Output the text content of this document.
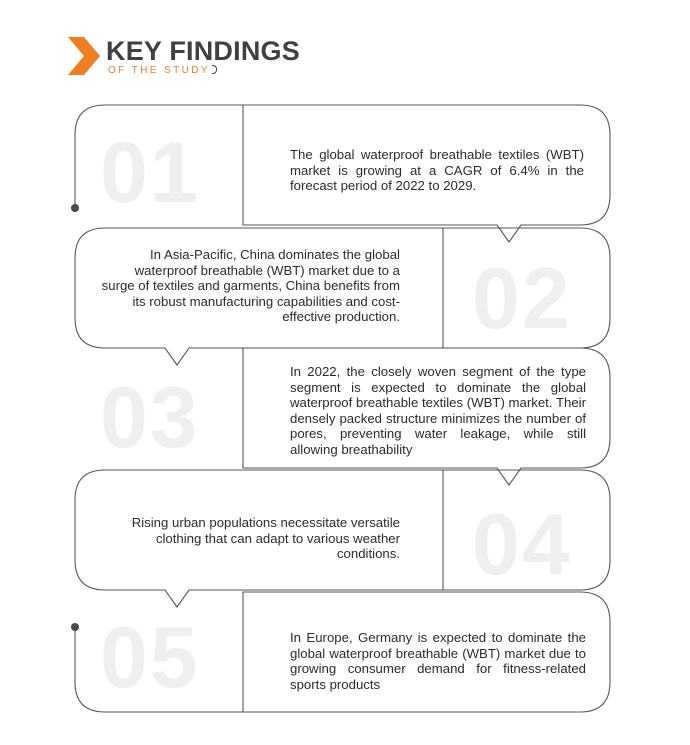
KEY FINDINGS
OF THE STUDY
01
02
03
04
05
The global waterproof breathable textiles (WBT) market is growing at a CAGR of 6.4% in the forecast period of 2022 to 2029.
In Asia-Pacific, China dominates the global waterproof breathable (WBT) market due to a surge of textiles and garments, China benefits from its robust manufacturing capabilities and cost-effective production.
In 2022, the closely woven segment of the type segment is expected to dominate the global waterproof breathable textiles (WBT) market. Their densely packed structure minimizes the number of pores, preventing water leakage, while still allowing breathability
Rising urban populations necessitate versatile clothing that can adapt to various weather conditions.
In Europe, Germany is expected to dominate the global waterproof breathable (WBT) market due to growing consumer demand for fitness-related sports products
